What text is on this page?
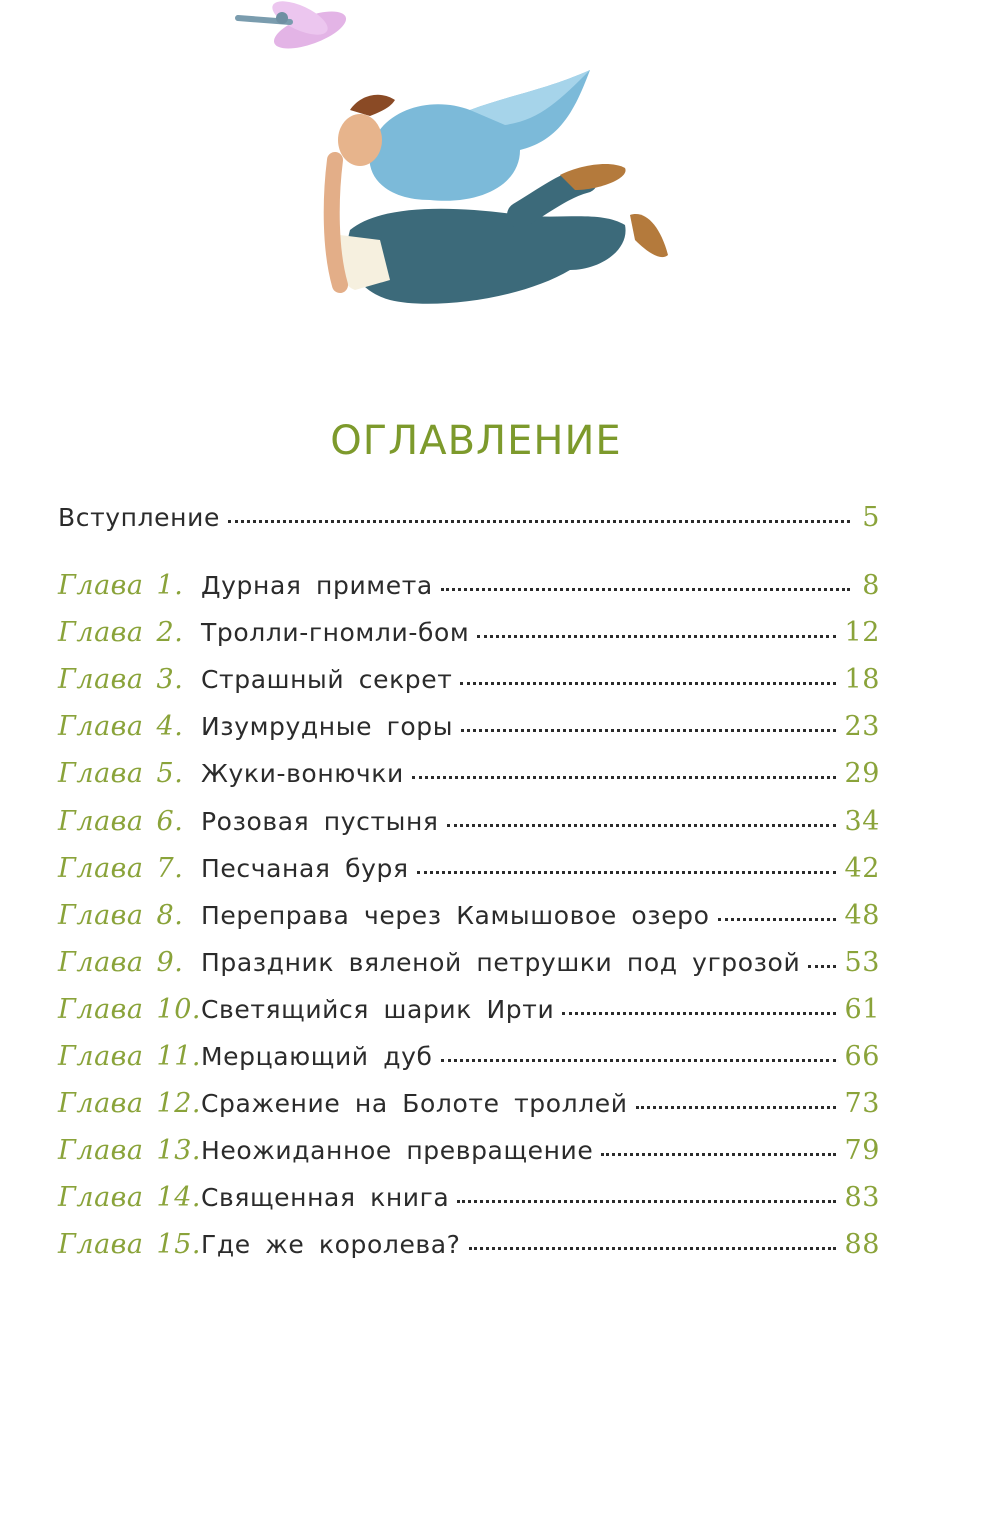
ОГЛАВЛЕНИЕ
Вступление	5
Глава 1. Дурная примета	8
Глава 2. Тролли-гномли-бом	12
Глава 3. Страшный секрет	18
Глава 4. Изумрудные горы	23
Глава 5. Жуки-вонючки	29
Глава 6. Розовая пустыня	34
Глава 7. Песчаная буря	42
Глава 8. Переправа через Камышовое озеро	48
Глава 9. Праздник вяленой петрушки под угрозой 53
Глава 10. Светящийся шарик Ирти	61
Глава 11. Мерцающий дуб	66
Глава 12. Сражение на Болоте троллей	73
Глава 13. Неожиданное превращение	79
Глава 14. Священная книга	83
Глава 15. Где же королева?	88
